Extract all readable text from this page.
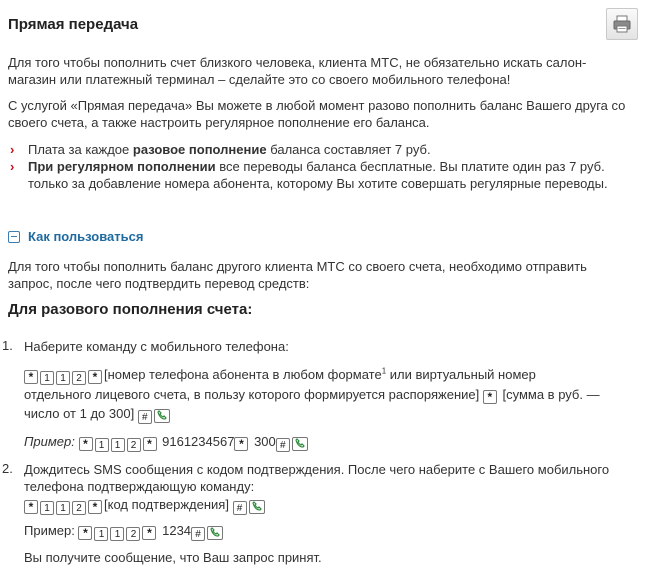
Прямая передача

Для того чтобы пополнить счет близкого человека, клиента МТС, не обязательно искать салон-магазин или платежный терминал – сделайте это со своего мобильного телефона!

С услугой «Прямая передача» Вы можете в любой момент разово пополнить баланс Вашего друга со своего счета, а также настроить регулярное пополнение его баланса.

› Плата за каждое разовое пополнение баланса составляет 7 руб.
› При регулярном пополнении все переводы баланса бесплатные. Вы платите один раз 7 руб. только за добавление номера абонента, которому Вы хотите совершать регулярные переводы.
Как пользоваться

Для того чтобы пополнить баланс другого клиента МТС со своего счета, необходимо отправить запрос, после чего подтвердить перевод средств:

Для разового пополнения счета:
1. Наберите команду с мобильного телефона:

* 1 1 2 * [номер телефона абонента в любом формате$^1$ или виртуальный номер
отдельного лицевого счета, в пользу которого формируется распоряжение] * [сумма в руб. —
число от 1 до 300] #
Пример: * 1 1 2 * 9161234567 * 300 #
2. Дождитесь SMS сообщения с кодом подтверждения. После чего наберите с Вашего мобильного телефона подтверждающую команду:

* 1 1 2 * [код подтверждения] #
Пример: * 1 1 2 * 1234 #

Вы получите сообщение, что Ваш запрос принят.
